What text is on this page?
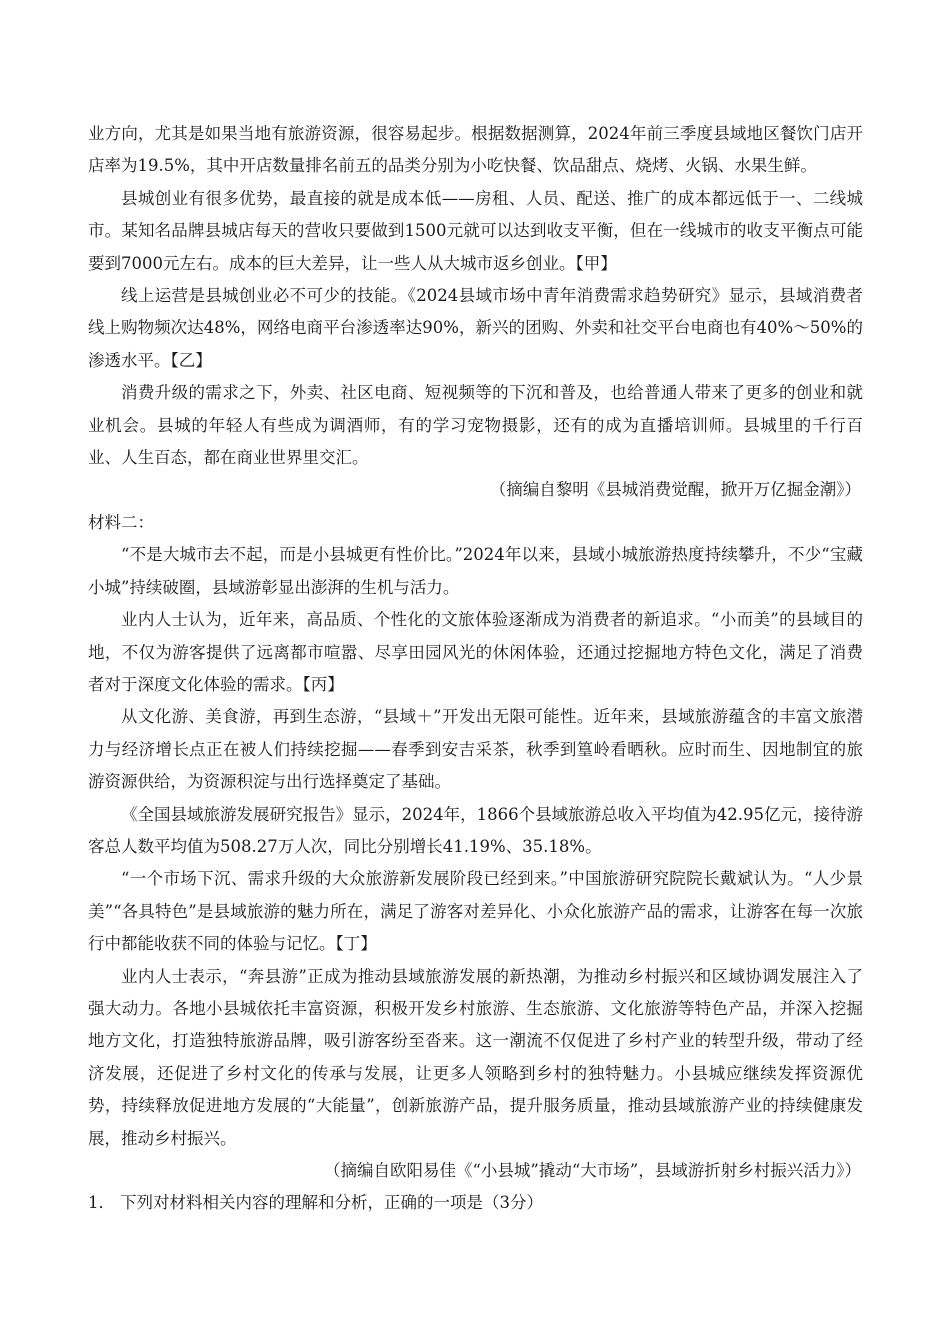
业方向，尤其是如果当地有旅游资源，很容易起步。根据数据测算，2024年前三季度县域地区餐饮门店开店率为19.5%，其中开店数量排名前五的品类分别为小吃快餐、饮品甜点、烧烤、火锅、水果生鲜。

县城创业有很多优势，最直接的就是成本低——房租、人员、配送、推广的成本都远低于一、二线城市。某知名品牌县城店每天的营收只要做到1500元就可以达到收支平衡，但在一线城市的收支平衡点可能要到7000元左右。成本的巨大差异，让一些人从大城市返乡创业。【甲】

线上运营是县城创业必不可少的技能。《2024县域市场中青年消费需求趋势研究》显示，县域消费者线上购物频次达48%，网络电商平台渗透率达90%，新兴的团购、外卖和社交平台电商也有40%～50%的渗透水平。【乙】

消费升级的需求之下，外卖、社区电商、短视频等的下沉和普及，也给普通人带来了更多的创业和就业机会。县城的年轻人有些成为调酒师，有的学习宠物摄影，还有的成为直播培训师。县城里的千行百业、人生百态，都在商业世界里交汇。

（摘编自黎明《县城消费觉醒，掀开万亿掘金潮》）

材料二：

“不是大城市去不起，而是小县城更有性价比。”2024年以来，县域小城旅游热度持续攀升，不少“宝藏小城”持续破圈，县域游彰显出澎湃的生机与活力。

业内人士认为，近年来，高品质、个性化的文旅体验逐渐成为消费者的新追求。“小而美”的县域目的地，不仅为游客提供了远离都市喧嚣、尽享田园风光的休闲体验，还通过挖掘地方特色文化，满足了消费者对于深度文化体验的需求。【丙】

从文化游、美食游，再到生态游，“县域＋”开发出无限可能性。近年来，县域旅游蕴含的丰富文旅潜力与经济增长点正在被人们持续挖掘——春季到安吉采茶，秋季到篁岭看晒秋。应时而生、因地制宜的旅游资源供给，为资源积淀与出行选择奠定了基础。

《全国县域旅游发展研究报告》显示，2024年，1866个县域旅游总收入平均值为42.95亿元，接待游客总人数平均值为508.27万人次，同比分别增长41.19%、35.18%。

“一个市场下沉、需求升级的大众旅游新发展阶段已经到来。”中国旅游研究院院长戴斌认为。“人少景美”“各具特色”是县域旅游的魅力所在，满足了游客对差异化、小众化旅游产品的需求，让游客在每一次旅行中都能收获不同的体验与记忆。【丁】

业内人士表示，“奔县游”正成为推动县域旅游发展的新热潮，为推动乡村振兴和区域协调发展注入了强大动力。各地小县城依托丰富资源，积极开发乡村旅游、生态旅游、文化旅游等特色产品，并深入挖掘地方文化，打造独特旅游品牌，吸引游客纷至沓来。这一潮流不仅促进了乡村产业的转型升级，带动了经济发展，还促进了乡村文化的传承与发展，让更多人领略到乡村的独特魅力。小县城应继续发挥资源优势，持续释放促进地方发展的“大能量”，创新旅游产品，提升服务质量，推动县域旅游产业的持续健康发展，推动乡村振兴。

（摘编自欧阳易佳《“小县城”撬动“大市场”，县域游折射乡村振兴活力》）

1． 下列对材料相关内容的理解和分析，正确的一项是（3分）
